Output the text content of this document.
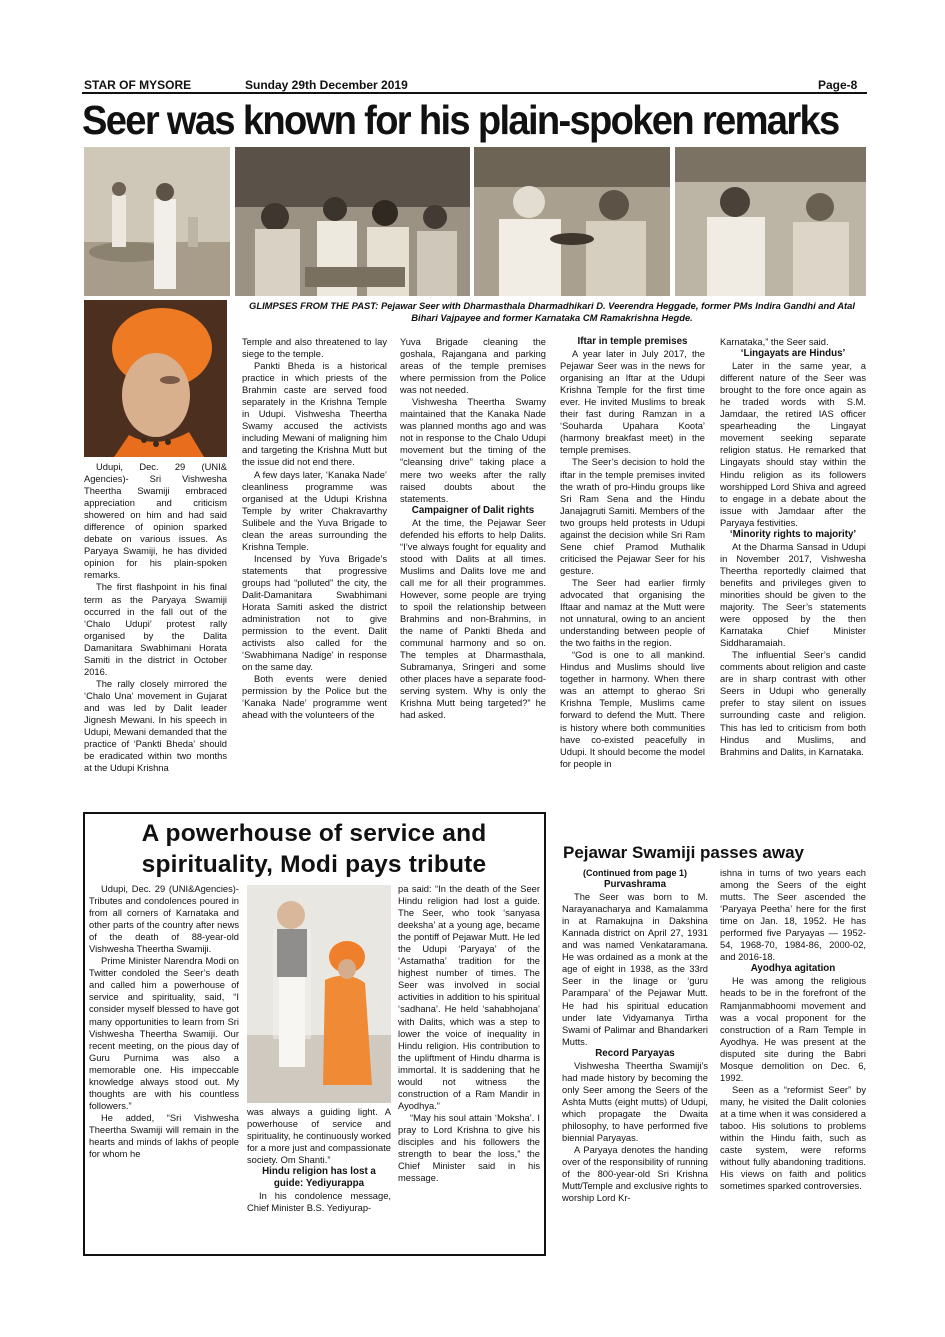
STAR OF MYSORE	Sunday 29th December 2019	Page-8
Seer was known for his plain-spoken remarks
GLIMPSES FROM THE PAST: Pejawar Seer with Dharmasthala Dharmadhikari D. Veerendra Heggade, former PMs Indira Gandhi and Atal Bihari Vajpayee and former Karnataka CM Ramakrishna Hegde.

Udupi, Dec. 29 (UNI& Agencies)- Sri Vishwesha Theertha Swamiji embraced appreciation and criticism showered on him and had said difference of opinion sparked debate on various issues. As Paryaya Swamiji, he has divided opinion for his plain-spoken remarks.

The first flashpoint in his final term as the Paryaya Swamiji occurred in the fall out of the ‘Chalo Udupi’ protest rally organised by the Dalita Damanitara Swabhimani Horata Samiti in the district in October 2016.

The rally closely mirrored the ‘Chalo Una’ movement in Gujarat and was led by Dalit leader Jignesh Mewani. In his speech in Udupi, Mewani demanded that the practice of ‘Pankti Bheda’ should be eradicated within two months at the Udupi Krishna

Temple and also threatened to lay siege to the temple.

Pankti Bheda is a historical practice in which priests of the Brahmin caste are served food separately in the Krishna Temple in Udupi. Vishwesha Theertha Swamy accused the activists including Mewani of maligning him and targeting the Krishna Mutt but the issue did not end there.

A few days later, ‘Kanaka Nade’ cleanliness programme was organised at the Udupi Krishna Temple by writer Chakravarthy Sulibele and the Yuva Brigade to clean the areas surrounding the Krishna Temple.

Incensed by Yuva Brigade’s statements that progressive groups had “polluted” the city, the Dalit-Damanitara Swabhimani Horata Samiti asked the district administration not to give permission to the event. Dalit activists also called for the ‘Swabhimana Nadige’ in response on the same day.

Both events were denied permission by the Police but the ‘Kanaka Nade’ programme went ahead with the volunteers of the

Yuva Brigade cleaning the goshala, Rajangana and parking areas of the temple premises where permission from the Police was not needed.

Vishwesha Theertha Swamy maintained that the Kanaka Nade was planned months ago and was not in response to the Chalo Udupi movement but the timing of the “cleansing drive” taking place a mere two weeks after the rally raised doubts about the statements.

Campaigner of Dalit rights

At the time, the Pejawar Seer defended his efforts to help Dalits. “I’ve always fought for equality and stood with Dalits at all times. Muslims and Dalits love me and call me for all their programmes. However, some people are trying to spoil the relationship between Brahmins and non-Brahmins, in the name of Pankti Bheda and communal harmony and so on. The temples at Dharmasthala, Subramanya, Sringeri and some other places have a separate food-serving system. Why is only the Krishna Mutt being targeted?” he had asked.

Iftar in temple premises

A year later in July 2017, the Pejawar Seer was in the news for organising an Iftar at the Udupi Krishna Temple for the first time ever. He invited Muslims to break their fast during Ramzan in a ‘Souharda Upahara Koota’ (harmony breakfast meet) in the temple premises.

The Seer’s decision to hold the iftar in the temple premises invited the wrath of pro-Hindu groups like Sri Ram Sena and the Hindu Janajagruti Samiti. Members of the two groups held protests in Udupi against the decision while Sri Ram Sene chief Pramod Muthalik criticised the Pejawar Seer for his gesture.

The Seer had earlier firmly advocated that organising the Iftaar and namaz at the Mutt were not unnatural, owing to an ancient understanding between people of the two faiths in the region.

“God is one to all mankind. Hindus and Muslims should live together in harmony. When there was an attempt to gherao Sri Krishna Temple, Muslims came forward to defend the Mutt. There is history where both communities have co-existed peacefully in Udupi. It should become the model for people in

Karnataka,” the Seer said.

‘Lingayats are Hindus’

Later in the same year, a different nature of the Seer was brought to the fore once again as he traded words with S.M. Jamdaar, the retired IAS officer spearheading the Lingayat movement seeking separate religion status. He remarked that Lingayats should stay within the Hindu religion as its followers worshipped Lord Shiva and agreed to engage in a debate about the issue with Jamdaar after the Paryaya festivities.

‘Minority rights to majority’

At the Dharma Sansad in Udupi in November 2017, Vishwesha Theertha reportedly claimed that benefits and privileges given to minorities should be given to the majority. The Seer’s statements were opposed by the then Karnataka Chief Minister Siddharamaiah.

The influential Seer’s candid comments about religion and caste are in sharp contrast with other Seers in Udupi who generally prefer to stay silent on issues surrounding caste and religion. This has led to criticism from both Hindus and Muslims, and Brahmins and Dalits, in Karnataka.

A powerhouse of service and spirituality, Modi pays tribute

Udupi, Dec. 29 (UNI&Agencies)- Tributes and condolences poured in from all corners of Karnataka and other parts of the country after news of the death of 88-year-old Vishwesha Theertha Swamiji.

Prime Minister Narendra Modi on Twitter condoled the Seer’s death and called him a powerhouse of service and spirituality, said, “I consider myself blessed to have got many opportunities to learn from Sri Vishwesha Theertha Swamiji. Our recent meeting, on the pious day of Guru Purnima was also a memorable one. His impeccable knowledge always stood out. My thoughts are with his countless followers.”

He added, “Sri Vishwesha Theertha Swamiji will remain in the hearts and minds of lakhs of people for whom he

was always a guiding light. A powerhouse of service and spirituality, he continuously worked for a more just and compassionate society. Om Shanti.”

Hindu religion has lost a guide: Yediyurappa

In his condolence message, Chief Minister B.S. Yediyurap-

pa said: “In the death of the Seer Hindu religion had lost a guide. The Seer, who took ‘sanyasa deeksha’ at a young age, became the pontiff of Pejawar Mutt. He led the Udupi ‘Paryaya’ of the ‘Astamatha’ tradition for the highest number of times. The Seer was involved in social activities in addition to his spiritual ‘sadhana’. He held ‘sahabhojana’ with Dalits, which was a step to lower the voice of inequality in Hindu religion. His contribution to the upliftment of Hindu dharma is immortal. It is saddening that he would not witness the construction of a Ram Mandir in Ayodhya.”

“May his soul attain ‘Moksha’. I pray to Lord Krishna to give his disciples and his followers the strength to bear the loss,” the Chief Minister said in his message.

Pejawar Swamiji passes away

(Continued from page 1)

Purvashrama

The Seer was born to M. Narayanacharya and Kamalamma in at Ramakujna in Dakshina Kannada district on April 27, 1931 and was named Venkataramana. He was ordained as a monk at the age of eight in 1938, as the 33rd Seer in the linage or ‘guru Parampara’ of the Pejawar Mutt. He had his spiritual education under late Vidyamanya Tirtha Swami of Palimar and Bhandarkeri Mutts.

Record Paryayas

Vishwesha Theertha Swamiji’s had made history by becoming the only Seer among the Seers of the Ashta Mutts (eight mutts) of Udupi, which propagate the Dwaita philosophy, to have performed five biennial Paryayas.

A Paryaya denotes the handing over of the responsibility of running of the 800-year-old Sri Krishna Mutt/Temple and exclusive rights to worship Lord Kr-

ishna in turns of two years each among the Seers of the eight mutts. The Seer ascended the ‘Paryaya Peetha’ here for the first time on Jan. 18, 1952. He has performed five Paryayas — 1952-54, 1968-70, 1984-86, 2000-02, and 2016-18.

Ayodhya agitation

He was among the religious heads to be in the forefront of the Ramjanmabhoomi movement and was a vocal proponent for the construction of a Ram Temple in Ayodhya. He was present at the disputed site during the Babri Mosque demolition on Dec. 6, 1992.

Seen as a “reformist Seer” by many, he visited the Dalit colonies at a time when it was considered a taboo. His solutions to problems within the Hindu faith, such as caste system, were reforms without fully abandoning traditions. His views on faith and politics sometimes sparked controversies.
